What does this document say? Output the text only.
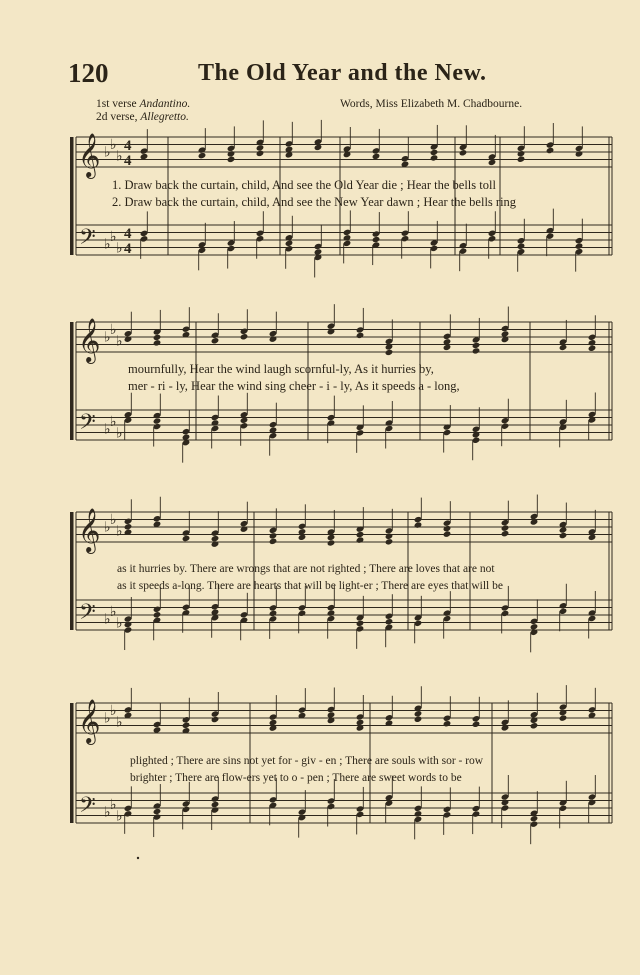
120	The Old Year and the New.
1st verse Andantino.
2d verse, Allegretto.
Words, Miss Elizabeth M. Chadbourne.
𝄞
𝄢
♭
♭
♭
♭
♭
♭
4
4
4
4
𝄞
𝄢
♭
♭
♭
♭
♭
♭
𝄞
𝄢
♭
♭
♭
♭
♭
♭
𝄞
𝄢
♭
♭
♭
♭
♭
♭
1. Draw back the curtain, child, And see the Old Year die ; Hear the bells toll
2. Draw back the curtain, child, And see the New Year dawn ; Hear the bells ring
mournfully, Hear the wind laugh scornful-ly, As it hurries by,
mer - ri - ly, Hear the wind sing cheer - i - ly, As it speeds a - long,
as it hurries by. There are wrongs that are not righted ; There are loves that are not
as it speeds a-long. There are hearts that will be light-er ; There are eyes that will be
plighted ; There are sins not yet for - giv - en ; There are souls with sor - row
brighter ; There are flow-ers yet to o - pen ; There are sweet words to be
